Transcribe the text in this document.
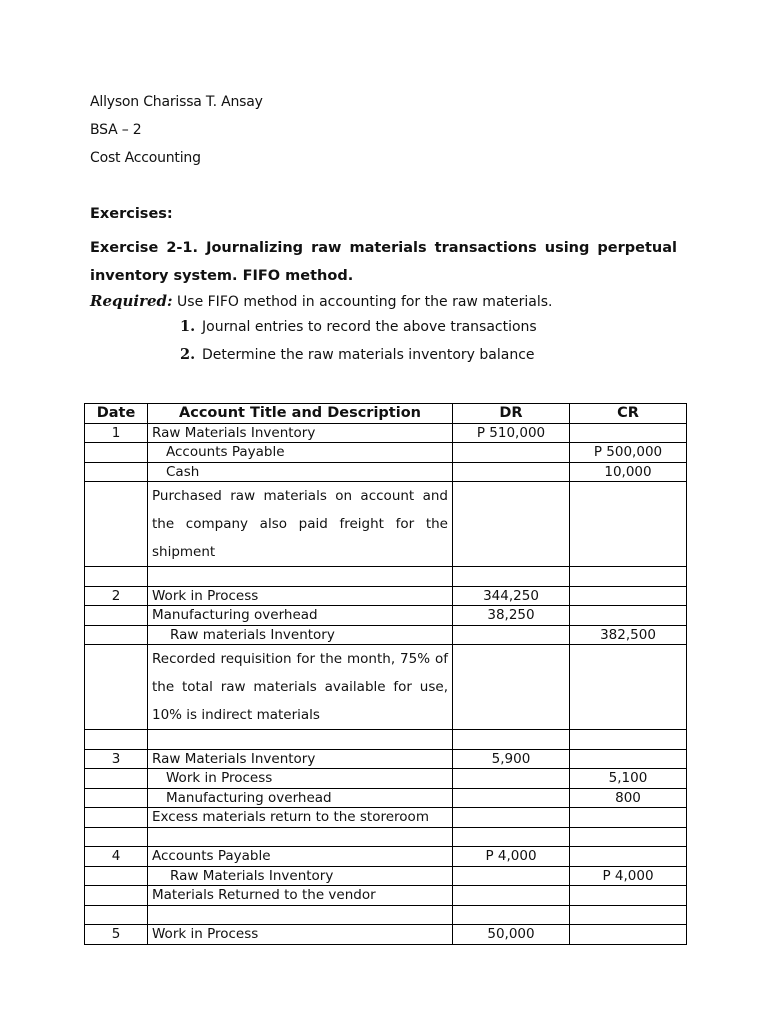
Allyson Charissa T. Ansay
BSA – 2
Cost Accounting
Exercises:
Exercise 2-1. Journalizing raw materials transactions using perpetual inventory system. FIFO method.
Required: Use FIFO method in accounting for the raw materials.
1. Journal entries to record the above transactions
2. Determine the raw materials inventory balance
Date	Account Title and Description	DR	CR
1	Raw Materials Inventory	P 510,000	
	Accounts Payable		P 500,000
	Cash		10,000
	Purchased raw materials on account and the company also paid freight for the shipment		

2	Work in Process	344,250	
	Manufacturing overhead	38,250	
	Raw materials Inventory		382,500
	Recorded requisition for the month, 75% of the total raw materials available for use, 10% is indirect materials		

3	Raw Materials Inventory	5,900	
	Work in Process		5,100
	Manufacturing overhead		800
	Excess materials return to the storeroom		

4	Accounts Payable	P 4,000	
	Raw Materials Inventory		P 4,000
	Materials Returned to the vendor		

5	Work in Process	50,000	
